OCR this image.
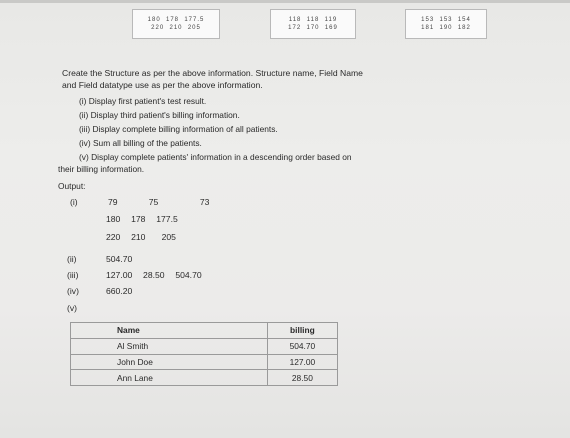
180  178  177.5
220  210  205
118  118  119
172  170  169
153  153  154
181  190  182
Create the Structure as per the above information. Structure name, Field Name
and Field datatype use as per the above information.
(i) Display first patient's test result.
(ii) Display third patient's billing information.
(iii) Display complete billing information of all patients.
(iv) Sum all billing of the patients.
(v) Display complete patients' information in a descending order based on
their billing information.
Output:
(i)	79   75    73
180  178  177.5
220  210   205
(ii)	504.70
(iii)	127.00  28.50  504.70
(iv)	660.20
(v)
Name	billing
Al Smith	504.70
John Doe	127.00
Ann Lane	28.50
